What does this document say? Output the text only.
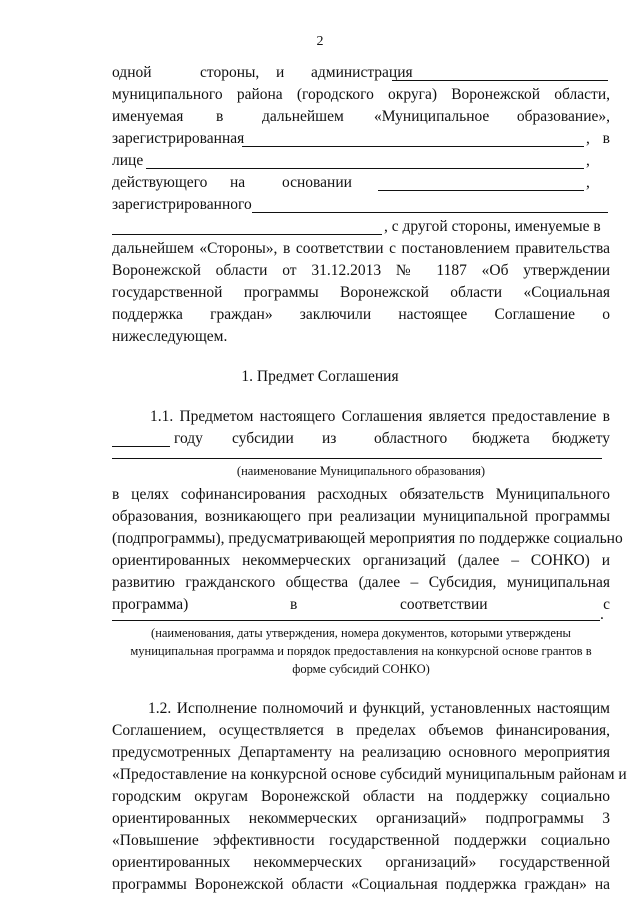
2
одной	стороны, и администрация
муниципального района (городского округа) Воронежской области,
именуемая в дальнейшем «Муниципальное образование»,
зарегистрированная	, в
лице	,
действующего на основании	,
зарегистрированного
, с другой стороны, именуемые в
дальнейшем «Стороны», в соответствии с постановлением правительства
Воронежской области от 31.12.2013 № 1187 «Об утверждении
государственной программы Воронежской области «Социальная
поддержка граждан» заключили настоящее Соглашение о
нижеследующем.
1. Предмет Соглашения
1.1. Предметом настоящего Соглашения является предоставление в
году субсидии из областного бюджета бюджету
(наименование Муниципального образования)
в целях софинансирования расходных обязательств Муниципального
образования, возникающего при реализации муниципальной программы
(подпрограммы), предусматривающей мероприятия по поддержке социально
ориентированных некоммерческих организаций (далее – СОНКО) и
развитию гражданского общества (далее – Субсидия, муниципальная
программа)	в	соответствии	с
.
(наименования, даты утверждения, номера документов, которыми утверждены
муниципальная программа и порядок предоставления на конкурсной основе грантов в
форме субсидий СОНКО)
1.2. Исполнение полномочий и функций, установленных настоящим
Соглашением, осуществляется в пределах объемов финансирования,
предусмотренных Департаменту на реализацию основного мероприятия
«Предоставление на конкурсной основе субсидий муниципальным районам и
городским округам Воронежской области на поддержку социально
ориентированных некоммерческих организаций» подпрограммы 3
«Повышение эффективности государственной поддержки социально
ориентированных некоммерческих организаций» государственной
программы Воронежской области «Социальная поддержка граждан» на
